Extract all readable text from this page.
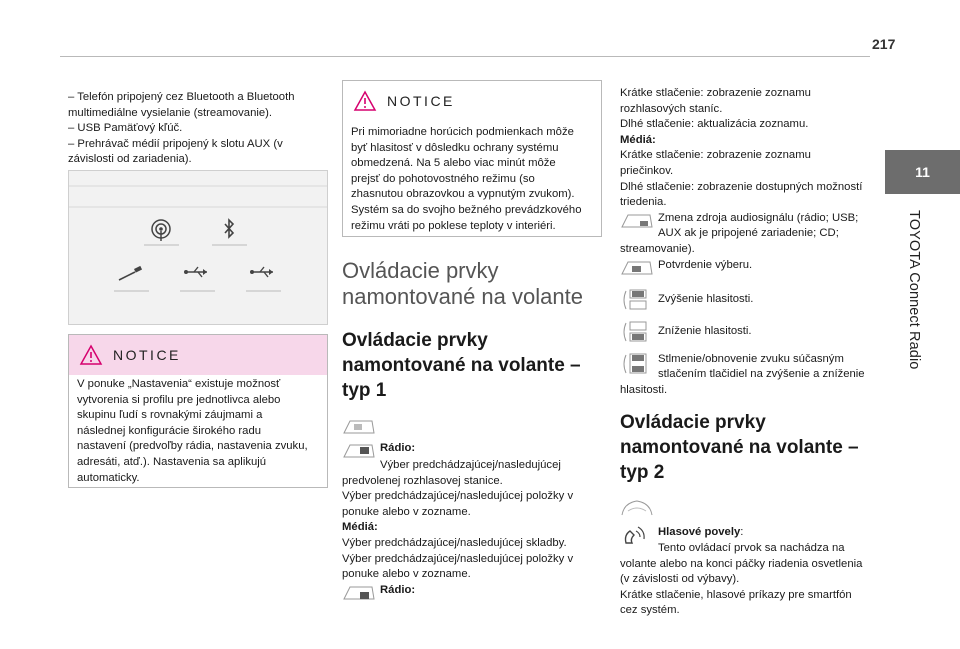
217
11
TOYOTA Connect Radio

– Telefón pripojený cez Bluetooth a Bluetooth

multimediálne vysielanie (streamovanie).

– USB Pamäťový kľúč.

– Prehrávač médií pripojený k slotu AUX (v

závislosti od zariadenia).

NOTICE

V ponuke „Nastavenia“ existuje možnosť

vytvorenia si profilu pre jednotlivca alebo

skupinu ľudí s rovnakými záujmami a

následnej konfigurácie širokého radu

nastavení (predvoľby rádia, nastavenia zvuku,

adresáti, atď.). Nastavenia sa aplikujú

automaticky.

NOTICE

Pri mimoriadne horúcich podmienkach môže

byť hlasitosť v dôsledku ochrany systému

obmedzená. Na 5 alebo viac minút môže

prejsť do pohotovostného režimu (so

zhasnutou obrazovkou a vypnutým zvukom).

Systém sa do svojho bežného prevádzkového

režimu vráti po poklese teploty v interiéri.

Ovládacie prvky
namontované na volante
Ovládacie prvky
namontované na volante –
typ 1

Rádio:

Výber predchádzajúcej/nasledujúcej

predvolenej rozhlasovej stanice.

Výber predchádzajúcej/nasledujúcej položky v

ponuke alebo v zozname.

Médiá:

Výber predchádzajúcej/nasledujúcej skladby.

Výber predchádzajúcej/nasledujúcej položky v

ponuke alebo v zozname.

Rádio:

Krátke stlačenie: zobrazenie zoznamu

rozhlasových staníc.

Dlhé stlačenie: aktualizácia zoznamu.

Médiá:

Krátke stlačenie: zobrazenie zoznamu

priečinkov.

Dlhé stlačenie: zobrazenie dostupných možností

triedenia.

Zmena zdroja audiosignálu (rádio; USB;

AUX ak je pripojené zariadenie; CD;

streamovanie).

Potvrdenie výberu.

Zvýšenie hlasitosti.

Zníženie hlasitosti.

Stlmenie/obnovenie zvuku súčasným

stlačením tlačidiel na zvýšenie a zníženie

hlasitosti.

Ovládacie prvky
namontované na volante –
typ 2

Hlasové povely:

Tento ovládací prvok sa nachádza na

volante alebo na konci páčky riadenia osvetlenia

(v závislosti od výbavy).

Krátke stlačenie, hlasové príkazy pre smartfón

cez systém.
